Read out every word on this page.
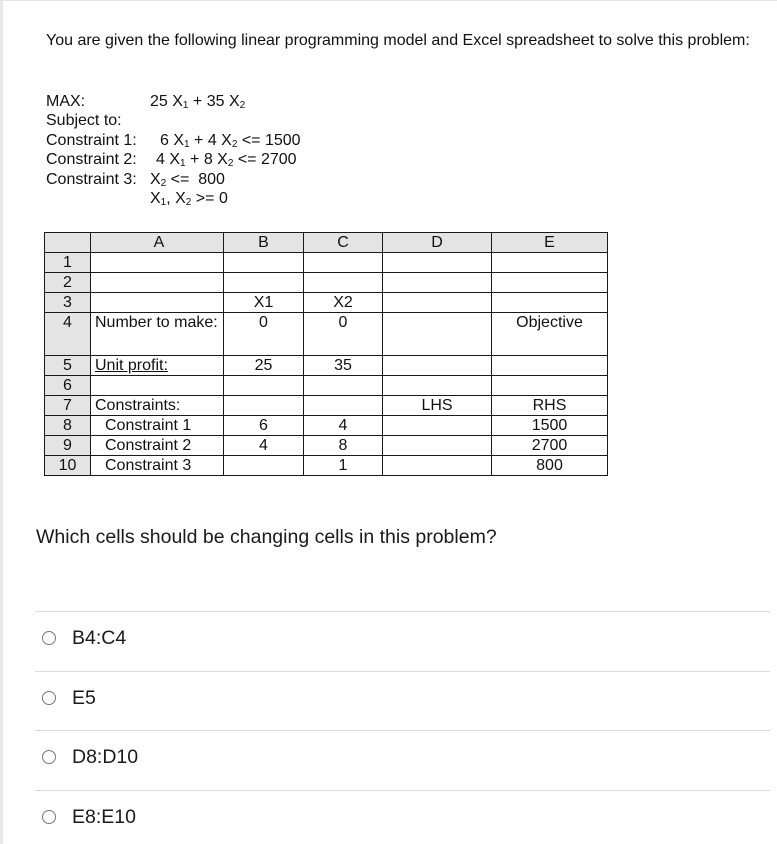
You are given the following linear programming model and Excel spreadsheet to solve this problem:
MAX:	25 $X_1 + 35$ $X_2$
Subject to:
Constraint 1: 6 $X_1 + 4$ $X_2 <= 1500$
Constraint 2: 4 $X_1 + 8$ $X_2 <= 2700$
Constraint 3: $X_2 <= 800$
$X_1$, $X_2 >= 0$
	A	B	C	D	E
1					
2					
3		X1	X2		
4	Number to make:	0	0		Objective
5	Unit profit:	25	35		
6					
7	Constraints:			LHS	RHS
8	Constraint 1	6	4		1500
9	Constraint 2	4	8		2700
10	Constraint 3		1		800
Which cells should be changing cells in this problem?
B4:C4
E5
D8:D10
E8:E10
